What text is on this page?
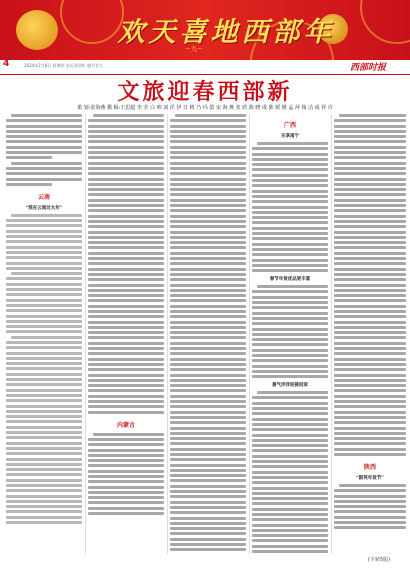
欢天喜地西部年
ー九ー
4	2024年2月8日 星期四 农历癸卯年 腊月廿九	西部时报
文旅迎春西部新
策 划:张海燕 撰 稿:王思超 李 莹 白 帅 刘 洋 伊 日 格 乃 玛 措 宋 海 燕 张 欣 陈 晓 成 陈 媛 媛 孟 萍 杨 洁 成 祥 许
云南
“我在云南过大年”
内蒙古
广西
乐享南宁
春节年货优品更丰富
喜气洋洋迎接回家
陕西
“群英年货节”
(下转5版)
